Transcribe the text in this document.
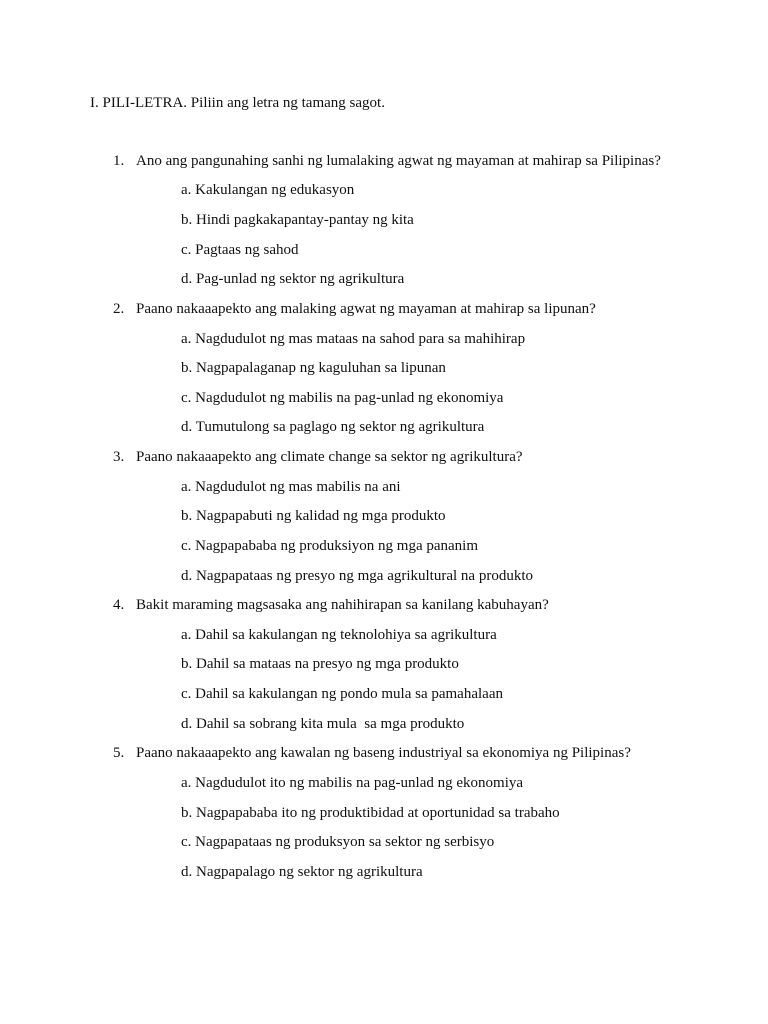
I. PILI-LETRA. Piliin ang letra ng tamang sagot.
1. Ano ang pangunahing sanhi ng lumalaking agwat ng mayaman at mahirap sa Pilipinas?
a. Kakulangan ng edukasyon
b. Hindi pagkakapantay-pantay ng kita
c. Pagtaas ng sahod
d. Pag-unlad ng sektor ng agrikultura
2. Paano nakaaapekto ang malaking agwat ng mayaman at mahirap sa lipunan?
a. Nagdudulot ng mas mataas na sahod para sa mahihirap
b. Nagpapalaganap ng kaguluhan sa lipunan
c. Nagdudulot ng mabilis na pag-unlad ng ekonomiya
d. Tumutulong sa paglago ng sektor ng agrikultura
3. Paano nakaaapekto ang climate change sa sektor ng agrikultura?
a. Nagdudulot ng mas mabilis na ani
b. Nagpapabuti ng kalidad ng mga produkto
c. Nagpapababa ng produksiyon ng mga pananim
d. Nagpapataas ng presyo ng mga agrikultural na produkto
4. Bakit maraming magsasaka ang nahihirapan sa kanilang kabuhayan?
a. Dahil sa kakulangan ng teknolohiya sa agrikultura
b. Dahil sa mataas na presyo ng mga produkto
c. Dahil sa kakulangan ng pondo mula sa pamahalaan
d. Dahil sa sobrang kita mula  sa mga produkto
5. Paano nakaaapekto ang kawalan ng baseng industriyal sa ekonomiya ng Pilipinas?
a. Nagdudulot ito ng mabilis na pag-unlad ng ekonomiya
b. Nagpapababa ito ng produktibidad at oportunidad sa trabaho
c. Nagpapataas ng produksyon sa sektor ng serbisyo
d. Nagpapalago ng sektor ng agrikultura
